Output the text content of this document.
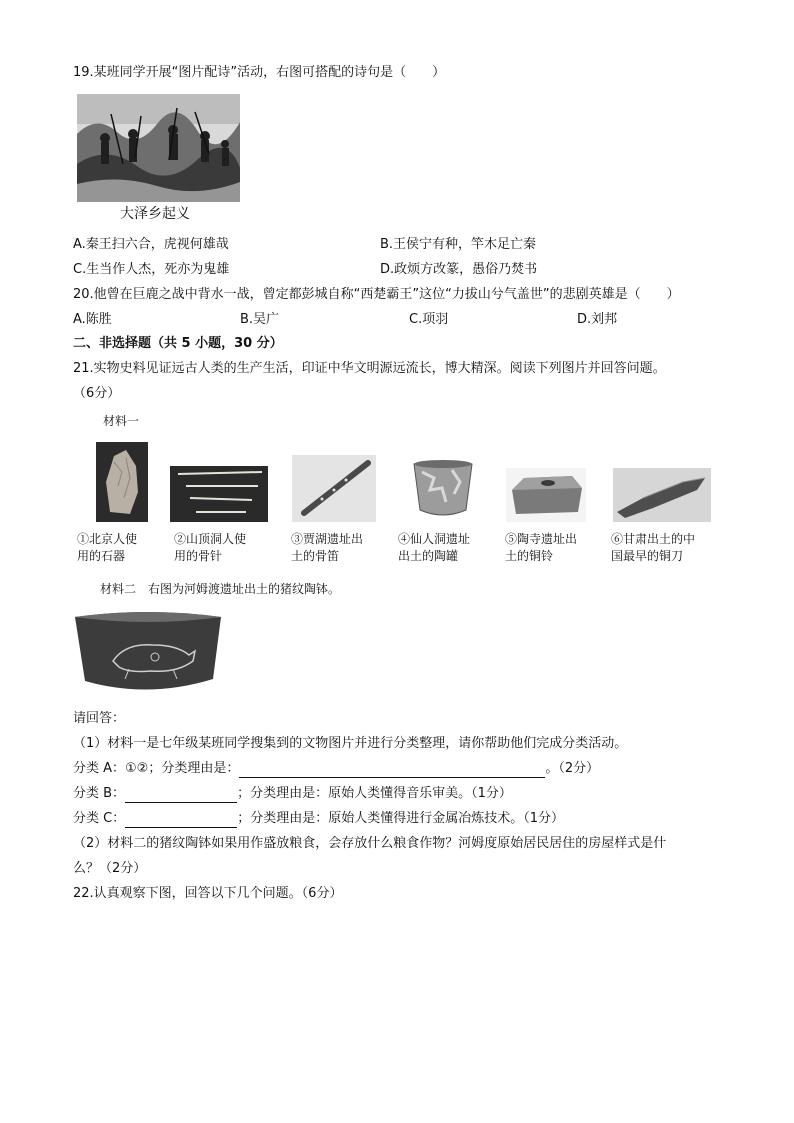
19.某班同学开展“图片配诗”活动，右图可搭配的诗句是（　　）
大泽乡起义
A.秦王扫六合，虎视何雄哉	B.王侯宁有种，竿木足亡秦
C.生当作人杰，死亦为鬼雄	D.政烦方改篆，愚俗乃焚书
20.他曾在巨鹿之战中背水一战，曾定都彭城自称“西楚霸王”这位“力拔山兮气盖世”的悲剧英雄是（　　）
A.陈胜	B.吴广	C.项羽	D.刘邦
二、非选择题（共 5 小题，30 分）
21.实物史料见证远古人类的生产生活，印证中华文明源远流长，博大精深。阅读下列图片并回答问题。
（6分）
材料一
①北京人使
用的石器
②山顶洞人使
用的骨针
③贾湖遗址出
土的骨笛
④仙人洞遗址
出土的陶罐
⑤陶寺遗址出
土的铜铃
⑥甘肃出土的中
国最早的铜刀
材料二　右图为河姆渡遗址出土的猪纹陶钵。
请回答：
（1）材料一是七年级某班同学搜集到的文物图片并进行分类整理，请你帮助他们完成分类活动。
分类 A：①②；分类理由是：	。（2分）
分类 B：	；分类理由是：原始人类懂得音乐审美。（1分）
分类 C：	；分类理由是：原始人类懂得进行金属冶炼技术。（1分）
（2）材料二的猪纹陶钵如果用作盛放粮食，会存放什么粮食作物？河姆度原始居民居住的房屋样式是什
么？（2分）
22.认真观察下图，回答以下几个问题。（6分）
